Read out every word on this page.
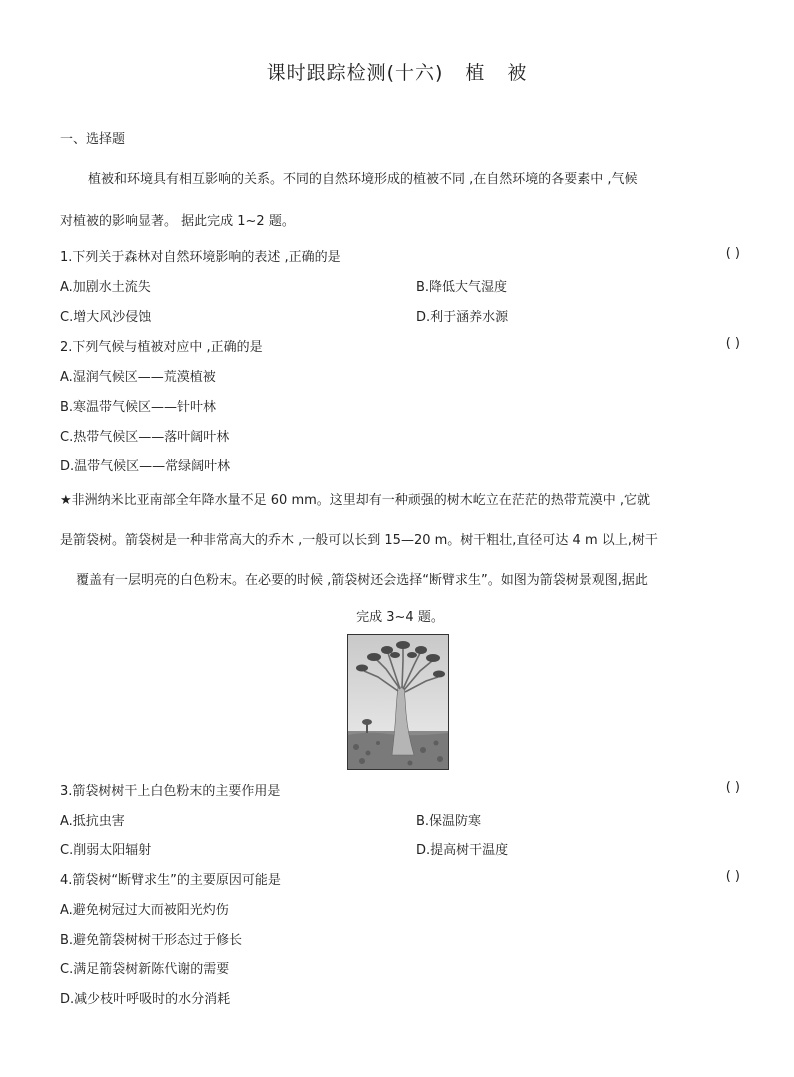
课时跟踪检测(十六) 植 被
一、选择题
植被和环境具有相互影响的关系。不同的自然环境形成的植被不同 ,在自然环境的各要素中 ,气候
对植被的影响显著。 据此完成 1~2 题。
1.下列关于森林对自然环境影响的表述 ,正确的是	( )
A.加剧水土流失	B.降低大气湿度
C.增大风沙侵蚀	D.利于涵养水源
2.下列气候与植被对应中 ,正确的是	( )
A.湿润气候区——荒漠植被
B.寒温带气候区——针叶林
C.热带气候区——落叶阔叶林
D.温带气候区——常绿阔叶林
★非洲纳米比亚南部全年降水量不足 60 mm。这里却有一种顽强的树木屹立在茫茫的热带荒漠中 ,它就
是箭袋树。箭袋树是一种非常高大的乔木 ,一般可以长到 15—20 m。树干粗壮,直径可达 4 m 以上,树干
覆盖有一层明亮的白色粉末。在必要的时候 ,箭袋树还会选择“断臂求生”。如图为箭袋树景观图,据此
完成 3~4 题。
3.箭袋树树干上白色粉末的主要作用是	( )
A.抵抗虫害	B.保温防寒
C.削弱太阳辐射	D.提高树干温度
4.箭袋树“断臂求生”的主要原因可能是	( )
A.避免树冠过大而被阳光灼伤
B.避免箭袋树树干形态过于修长
C.满足箭袋树新陈代谢的需要
D.减少枝叶呼吸时的水分消耗
